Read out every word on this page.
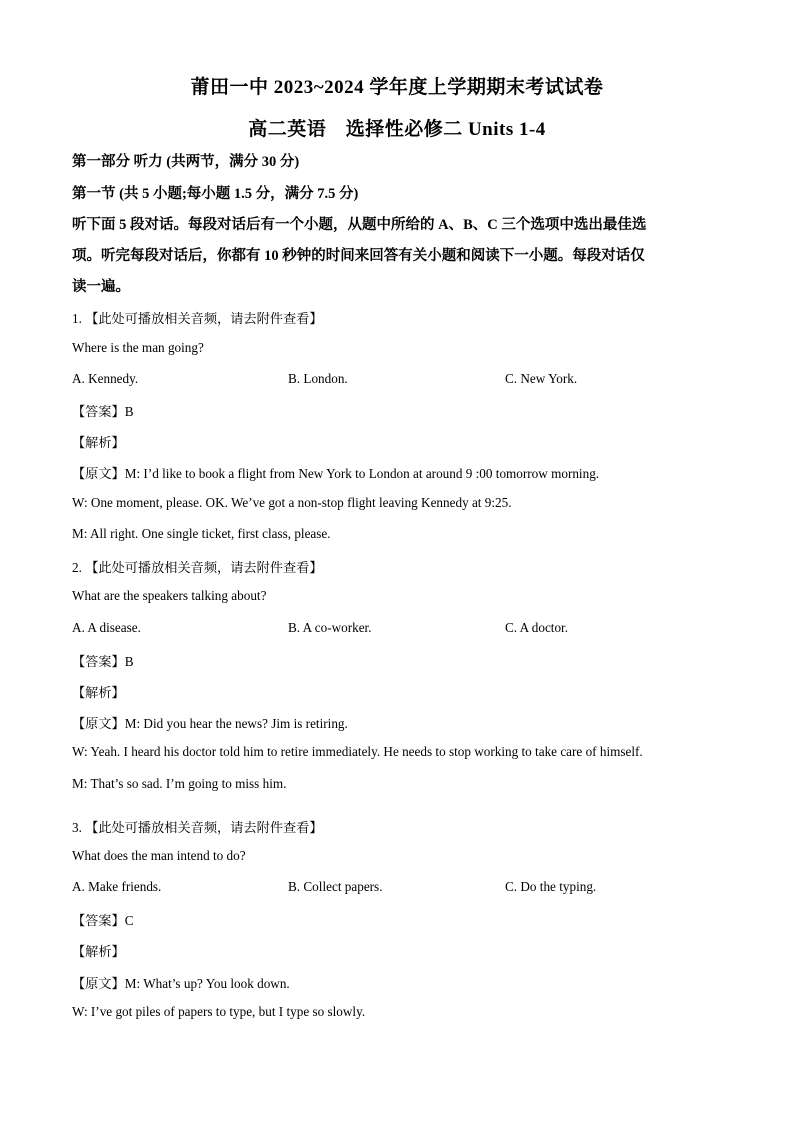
莆田一中 2023~2024 学年度上学期期末考试试卷
高二英语　选择性必修二 Units 1-4
第一部分 听力 (共两节，满分 30 分)
第一节 (共 5 小题;每小题 1.5 分，满分 7.5 分)
听下面 5 段对话。每段对话后有一个小题，从题中所给的 A、B、C 三个选项中选出最佳选
项。听完每段对话后，你都有 10 秒钟的时间来回答有关小题和阅读下一小题。每段对话仅
读一遍。
1. 【此处可播放相关音频，请去附件查看】
Where is the man going?
A. Kennedy.	B. London.	C. New York.
【答案】B
【解析】
【原文】M: I’d like to book a flight from New York to London at around 9 :00 tomorrow morning.
W: One moment, please. OK. We’ve got a non-stop flight leaving Kennedy at 9:25.
M: All right. One single ticket, first class, please.
2. 【此处可播放相关音频，请去附件查看】
What are the speakers talking about?
A. A disease.	B. A co-worker.	C. A doctor.
【答案】B
【解析】
【原文】M: Did you hear the news? Jim is retiring.
W: Yeah. I heard his doctor told him to retire immediately. He needs to stop working to take care of himself.
M: That’s so sad. I’m going to miss him.
3. 【此处可播放相关音频，请去附件查看】
What does the man intend to do?
A. Make friends.	B. Collect papers.	C. Do the typing.
【答案】C
【解析】
【原文】M: What’s up? You look down.
W: I’ve got piles of papers to type, but I type so slowly.
